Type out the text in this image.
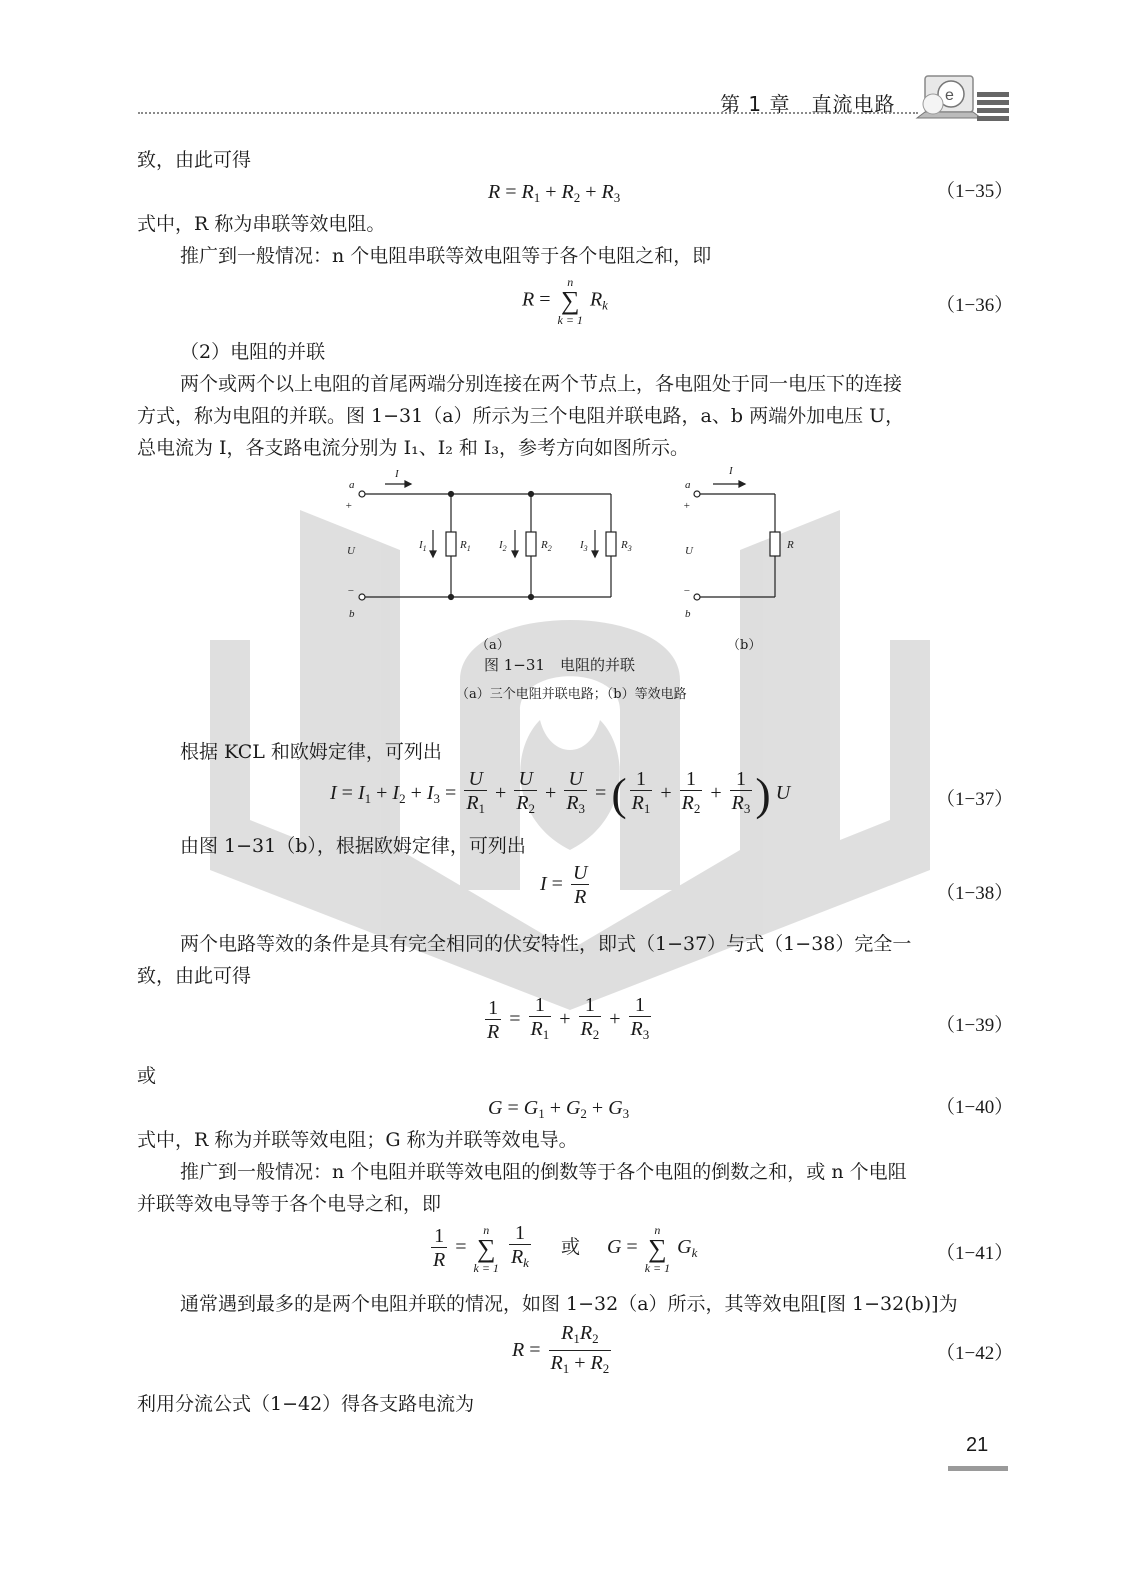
第 1 章　直流电路	e
致，由此可得
$R = R_1 + R_2 + R_3$	（1−35）
式中，R 称为串联等效电阻。
推广到一般情况：n 个电阻串联等效电阻等于各个电阻之和，即
R =
n
∑
k = 1
$R_k$	（1−36）
（2）电阻的并联
两个或两个以上电阻的首尾两端分别连接在两个节点上，各电阻处于同一电压下的连接
方式，称为电阻的并联。图 1−31（a）所示为三个电阻并联电路，a、b 两端外加电压 U，
总电流为 I，各支路电流分别为 I₁、I₂ 和 I₃，参考方向如图所示。
a
+
I
U
−
b
$I_1$	$R_1$	$I_2$	$R_2$	$I_3$	$R_3$
a
+
I
U
−
b
R
（a）	（b）
图 1−31　电阻的并联
（a）三个电阻并联电路；（b）等效电路
根据 KCL 和欧姆定律，可列出
$I = I_1 + I_2 + I_3 = \frac{U}{R_1} + \frac{U}{R_2} + \frac{U}{R_3}$ = ( $\frac{1}{R_1} + \frac{1}{R_2} + \frac{1}{R_3}$ ) U	（1−37）
由图 1−31（b），根据欧姆定律，可列出
$I = \frac{U}{R}$	（1−38）
两个电路等效的条件是具有完全相同的伏安特性，即式（1−37）与式（1−38）完全一
致，由此可得
$\frac{1}{R} = \frac{1}{R_1} + \frac{1}{R_2} + \frac{1}{R_3}$	（1−39）
或
$G = G_1 + G_2 + G_3$	（1−40）
式中，R 称为并联等效电阻；G 称为并联等效电导。
推广到一般情况：n 个电阻并联等效电阻的倒数等于各个电阻的倒数之和，或 n 个电阻
并联等效电导等于各个电导之和，即
$\frac{1}{R}$ =
n
∑
k = 1
$\frac{1}{R_k}$ 或 G =
n
∑
k = 1
$G_k$	（1−41）
通常遇到最多的是两个电阻并联的情况，如图 1−32（a）所示，其等效电阻[图 1−32(b)]为
$R = \frac{R_1R_2}{R_1 + R_2}$	（1−42）
利用分流公式（1−42）得各支路电流为
21
